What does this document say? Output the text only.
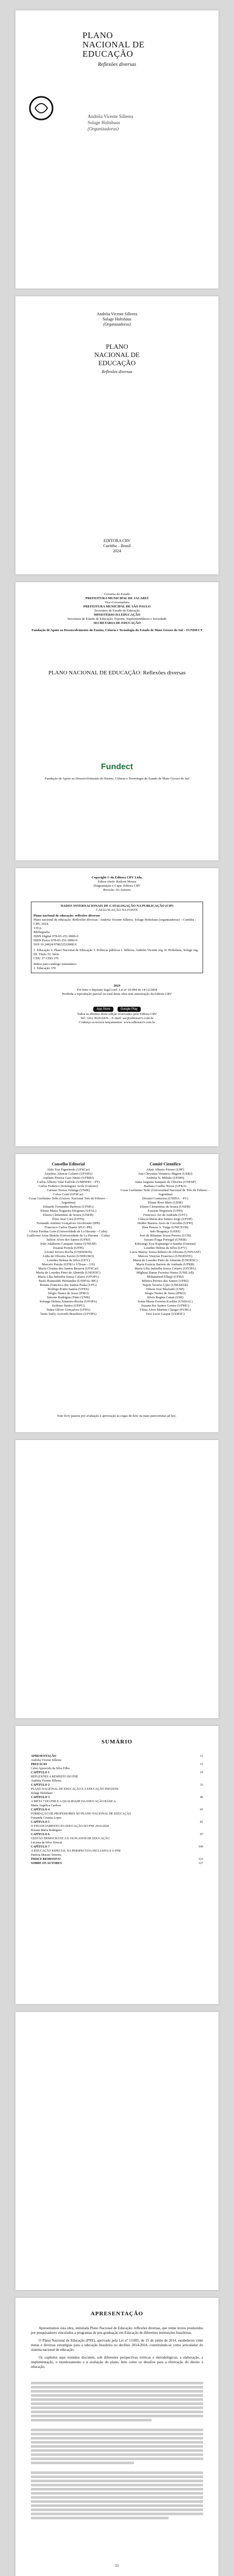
PLANO
NACIONAL DE
EDUCAÇÃO
Reflexões diversas
Andréia Vicente Sillerea
Solage Holtsbaus
(Organizadoras)
Andréia Vicente Sillerea
Solage Holtsbaus
(Organizadoras)
PLANO
NACIONAL DE
EDUCAÇÃO
Reflexões diversas
EDITORA CRV
Curitiba – Brasil
2024
Governo do Estado
PREFEITURA MUNICIPAL DE JACAREÍ
Vice-Governadora
PREFEITURA MUNICIPAL DE SÃO PAULO
Secretário de Estado de Educação
MINISTÉRIO DA EDUCAÇÃO
Secretaria de Estado de Educação, Esporte, Superintendência e Sociedade
SECRETARIA DE EDUCAÇÃO
Fundação de Apoio ao Desenvolvimento do Ensino, Ciência e Tecnologia do Estado de Mato Grosso do Sul – FUNDECT
PLANO NACIONAL DE EDUCAÇÃO: Reflexões diversas
Fundect
Fundação de Apoio ao Desenvolvimento do Ensino, Ciência e Tecnologia do Estado de Mato Grosso do Sul
Copyright © da Editora CRV Ltda.
Editor-chefe: Railson Moura
Diagramação e Capa: Editora CRV
Revisão: Os Autores
DADOS INTERNACIONAIS DE CATALOGAÇÃO NA PUBLICAÇÃO (CIP)
CATALOGAÇÃO NA FONTE
Plano nacional de educação: reflexões diversas
Plano nacional de educação: Reflexões diversas / Andréia Vicente Sillerea, Solage Holtsbaus (organizadoras) – Curitiba : CRV, 2024.
130 p.
Bibliografia
ISBN Digital 978-65-251-0000-0
ISBN Físico 978-65-251-0000-0
DOI 10.24824/978652510000.0
1. Educação 2. Plano Nacional de Educação 3. Políticas públicas I. Sillerea, Andréia Vicente org. II. Holtsbaus, Solage org. III. Título IV. Série
CDU 37 CDD 370
Índice para catálogo sistemático
1. Educação 370
2024
Foi feito o depósito legal conf. Lei nº 10.994 de 14/12/2004
Proibida a reprodução parcial ou total desta obra sem autorização da Editora CRV
App Store	Google Play
Todos os direitos desta edição reservados pela Editora CRV
Tel.: (41) 3029-6416 – E-mail: sac@editoracrv.com.br
Conheça os nossos lançamentos: www.editoracrv.com.br
Conselho Editorial
Aldo Tosi Figueiredo (UFSCar)
Anselmo Alencar Colares (UFOPA)
Antônio Pereira Gaio Júnior (UFRRJ)
Carlos Alberto Vilar Estêvão (UMINHO – PT)
Carlos Federico Domínguez Avila (Unieuro)
Carmen Tereza Velanga (UNIR)
Celso Conti (UFSCar)
Cesar Gerônimo Tello (Univer. Nacional Três de Febrero – Argentina)
Eduardo Fernandes Barbosa (UFMG)
Elione Maria Nogueira Diogenes (UFAL)
Elizeu Clementino de Souza (UNEB)
Élsio José Corá (UFFS)
Fernando Antônio Gonçalves Alcoforado (IPB)
Francisco Carlos Duarte (PUC-PR)
Gloria Fariñas León (Universidade de La Havana – Cuba)
Guillermo Arias Beatón (Universidade de La Havana – Cuba)
Jailson Alves dos Santos (UFRJ)
João Adalberto Campato Junior (UNESP)
Josania Portela (UFPI)
Leonel Severo Rocha (UNISINOS)
Lídia de Oliveira Xavier (UNIEURO)
Lourdes Helena da Silva (UFV)
Marcelo Paixão (UFRJ e UTexas – US)
Maria Cristina dos Santos Bezerra (UFSCar)
Maria de Lourdes Pinto de Almeida (UNOESC)
Maria Lília Imbiriba Sousa Colares (UFOPA)
Paulo Romualdo Hernandes (UNIFAL-MG)
Renato Francisco dos Santos Paula (UFG)
Rodrigo Pratte-Santos (UFES)
Sérgio Nunes de Jesus (IFRO)
Simone Rodrigues Pinto (UNB)
Solange Helena Ximenes-Rocha (UFOPA)
Sydione Santos (UEPG)
Tadeu Oliver Gonçalves (UFPA)
Tania Suely Azevedo Brasileiro (UFOPA)
Comitê Científico
Altair Alberto Fávero (UPF)
Ana Chrystina Venancio Mignot (UERJ)
Andréia N. Militão (UEMS)
Anna Augusta Sampaio de Oliveira (UNESP)
Barbara Coelho Neves (UFBA)
Cesar Gerônimo Tello (Universidad Nacional de Três de Febrero – Argentina)
Diosnel Centurion (UNIDA – PY)
Eliane Rose Maio (UEM)
Elizeu Clementino de Souza (UNEB)
Fauston Negreiros (UFPI)
Francisco Ari de Andrade (UFC)
Gláucia Maria dos Santos Jorge (UFOP)
Helder Buenos Aires de Carvalho (UFPI)
Ilma Passos A. Veiga (UNICEUB)
Inês Bragança (UERJ)
José de Ribamar Sousa Pereira (UCB)
Jussara Fraga Portugal (UNEB)
Kilwangy Kya Kapitango-a-Samba (Unemat)
Lourdes Helena da Silva (UFV)
Lucia Marisy Souza Ribeiro de Oliveira (UNIVASF)
Marcos Vinicius Francisco (UNOESTE)
Maria de Lourdes Pinto de Almeida (UNOESC)
Maria Eurácia Barreto de Andrade (UFRB)
Maria Lília Imbiriba Sousa Colares (UFOPA)
Míghian Danae Ferreira Nunes (UNILAB)
Mohammed Elhajji (UFRJ)
Mônica Pereira dos Santos (UFRJ)
Najela Tavares Ujiie (UNESPAR)
Nilson José Machado (USP)
Sérgio Nunes de Jesus (IFRO)
Silvia Regina Canan (URI)
Sonia Maria Ferreira Koehler (UNISAL)
Suzana dos Santos Gomes (UFMG)
Vânia Alves Martins Chaigar (FURG)
Vera Lucia Gaspar (UDESC)
Este livro passou por avaliação e aprovação às cegas de dois ou mais pareceristas ad hoc.
SUMÁRIO
APRESENTAÇÃO	11
Andréia Vicente Sillerea
PREFÁCIO	15
Celso Aparecido da Silva Filho
CAPÍTULO 1	19
REFLEXÕES A RESPEITO DO PNE
Andréia Vicente Sillerea
CAPÍTULO 2	33
PLANO NACIONAL DE EDUCAÇÃO E A EDUCAÇÃO INFANTIL
Solage Holtsbaus
CAPÍTULO 3	49
A META 7 DO PNE E A QUALIDADE DA EDUCAÇÃO BÁSICA
Maria Angélica Cardoso
CAPÍTULO 4	65
FORMAÇÃO DE PROFESSORES NO PLANO NACIONAL DE EDUCAÇÃO
Fernanda Cristina Lopes
CAPÍTULO 5	81
O FINANCIAMENTO DA EDUCAÇÃO NO PNE 2014-2024
Rosana Maria Rodrigues
CAPÍTULO 6	97
GESTÃO DEMOCRÁTICA E OS PLANOS DE EDUCAÇÃO
Luciana da Silva Alencar
CAPÍTULO 7	109
A EDUCAÇÃO ESPECIAL NA PERSPECTIVA INCLUSIVA E O PNE
Patrícia Moraes Teixeira
ÍNDICE REMISSIVO	123
SOBRE OS AUTORES	127
APRESENTAÇÃO

Apresentamos esta obra, intitulada Plano Nacional de Educação: reflexões diversas, que reúne textos produzidos por pesquisadores vinculados a programas de pós-graduação em Educação de diferentes instituições brasileiras.

O Plano Nacional de Educação (PNE), aprovado pela Lei nº 13.005, de 25 de junho de 2014, estabeleceu vinte metas e diversas estratégias para a educação brasileira no decênio 2014-2024, constituindo-se como articulador do sistema nacional de educação.

Os capítulos aqui reunidos discutem, sob diferentes perspectivas teóricas e metodológicas, a elaboração, a implementação, o monitoramento e a avaliação do plano, bem como os desafios para a efetivação do direito à educação.

11
